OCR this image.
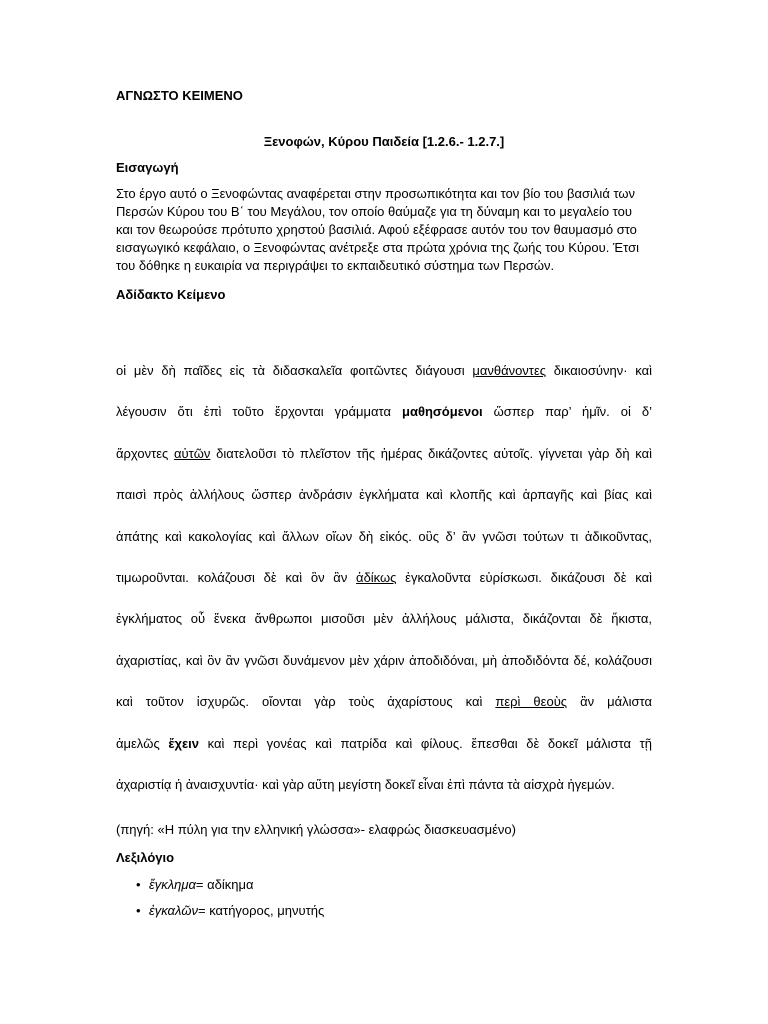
ΑΓΝΩΣΤΟ ΚΕΙΜΕΝΟ
Ξενοφών, Κύρου Παιδεία [1.2.6.- 1.2.7.]
Εισαγωγή
Στο έργο αυτό ο Ξενοφώντας αναφέρεται στην προσωπικότητα και τον βίο του βασιλιά των
Περσών Κύρου του Β΄ του Μεγάλου, τον οποίο θαύμαζε για τη δύναμη και το μεγαλείο του
και τον θεωρούσε πρότυπο χρηστού βασιλιά. Αφού εξέφρασε αυτόν του τον θαυμασμό στο
εισαγωγικό κεφάλαιο, ο Ξενοφώντας ανέτρεξε στα πρώτα χρόνια της ζωής του Κύρου. Έτσι
του δόθηκε η ευκαιρία να περιγράψει το εκπαιδευτικό σύστημα των Περσών.
Αδίδακτο Κείμενο
οἱ μὲν δὴ παῖδες εἰς τὰ διδασκαλεῖα φοιτῶντες διάγουσι μανθάνοντες δικαιοσύνην· καὶ
λέγουσιν ὅτι ἐπὶ τοῦτο ἔρχονται γράμματα μαθησόμενοι ὥσπερ παρ’ ἡμῖν. οἱ δ’
ἄρχοντες αὐτῶν διατελοῦσι τὸ πλεῖστον τῆς ἡμέρας δικάζοντες αὐτοῖς. γίγνεται γὰρ δὴ καὶ
παισὶ πρὸς ἀλλήλους ὥσπερ ἀνδράσιν ἐγκλήματα καὶ κλοπῆς καὶ ἁρπαγῆς καὶ βίας καὶ
ἀπάτης καὶ κακολογίας καὶ ἄλλων οἵων δὴ εἰκός. οὓς δ’ ἂν γνῶσι τούτων τι ἀδικοῦντας,
τιμωροῦνται. κολάζουσι δὲ καὶ ὃν ἂν ἀδίκως ἐγκαλοῦντα εὑρίσκωσι. δικάζουσι δὲ καὶ
ἐγκλήματος οὗ ἕνεκα ἄνθρωποι μισοῦσι μὲν ἀλλήλους μάλιστα, δικάζονται δὲ ἥκιστα,
ἀχαριστίας, καὶ ὃν ἂν γνῶσι δυνάμενον μὲν χάριν ἀποδιδόναι, μὴ ἀποδιδόντα δέ, κολάζουσι
καὶ τοῦτον ἰσχυρῶς. οἴονται γὰρ τοὺς ἀχαρίστους καὶ περὶ θεοὺς ἂν μάλιστα
ἀμελῶς ἔχειν καὶ περὶ γονέας καὶ πατρίδα καὶ φίλους. ἕπεσθαι δὲ δοκεῖ μάλιστα τῇ
ἀχαριστίᾳ ἡ ἀναισχυντία· καὶ γὰρ αὕτη μεγίστη δοκεῖ εἶναι ἐπὶ πάντα τὰ αἰσχρὰ ἡγεμών.
(πηγή: «Η πύλη για την ελληνική γλώσσα»- ελαφρώς διασκευασμένο)
Λεξιλόγιο
• ἔγκλημα= αδίκημα
• ἐγκαλῶν= κατήγορος, μηνυτής
